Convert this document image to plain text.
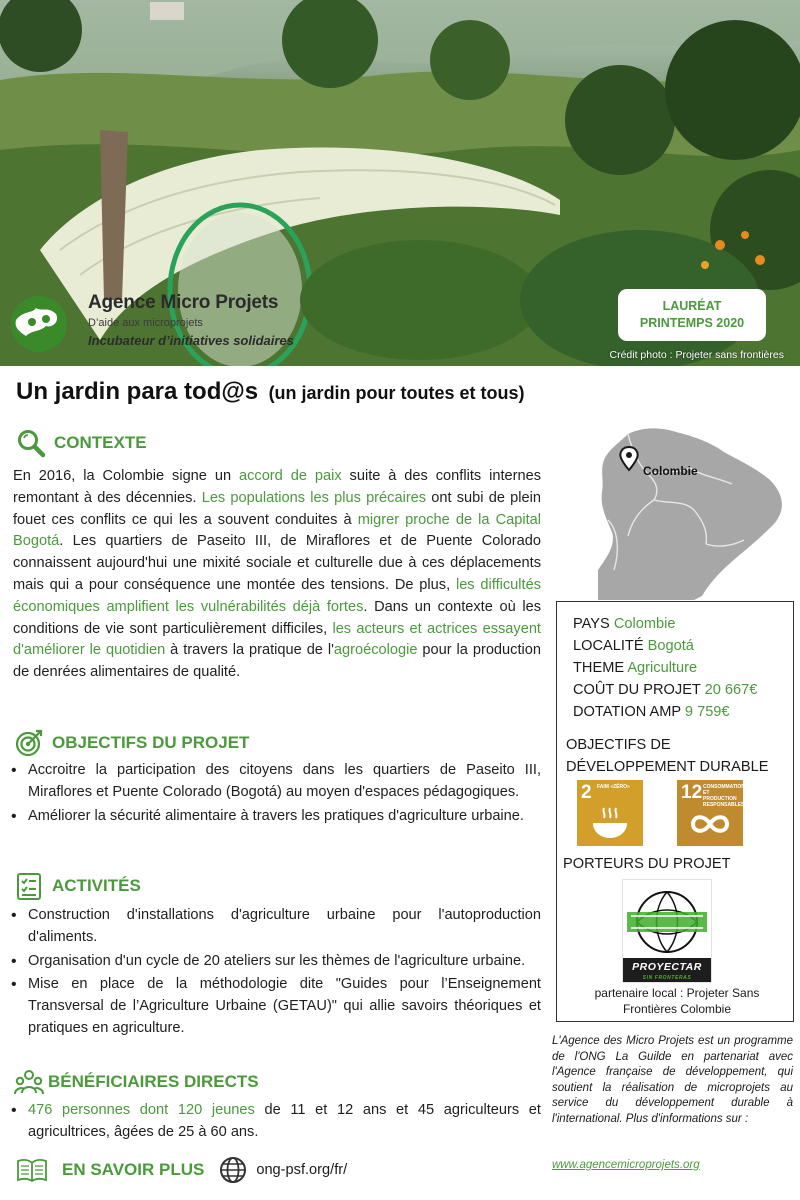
Agence Micro Projets
D’aide aux microprojets
Incubateur d’initiatives solidaires
LAURÉAT
PRINTEMPS 2020
Crédit photo : Projeter sans frontières
Un jardin para tod@s (un jardin pour toutes et tous)
CONTEXTE
En 2016, la Colombie signe un accord de paix suite à des conflits internes remontant à des décennies. Les populations les plus précaires ont subi de plein fouet ces conflits ce qui les a souvent conduites à migrer proche de la Capital Bogotá. Les quartiers de Paseito III, de Miraflores et de Puente Colorado connaissent aujourd'hui une mixité sociale et culturelle due à ces déplacements mais qui a pour conséquence une montée des tensions. De plus, les difficultés économiques amplifient les vulnérabilités déjà fortes. Dans un contexte où les conditions de vie sont particulièrement difficiles, les acteurs et actrices essayent d'améliorer le quotidien à travers la pratique de l'agroécologie pour la production de denrées alimentaires de qualité.
OBJECTIFS DU PROJET
• Accroitre la participation des citoyens dans les quartiers de Paseito III, Miraflores et Puente Colorado (Bogotá) au moyen d'espaces pédagogiques.
• Améliorer la sécurité alimentaire à travers les pratiques d'agriculture urbaine.
ACTIVITÉS
• Construction d'installations d'agriculture urbaine pour l'autoproduction d'aliments.
• Organisation d'un cycle de 20 ateliers sur les thèmes de l'agriculture urbaine.
• Mise en place de la méthodologie dite "Guides pour l’Enseignement Transversal de l’Agriculture Urbaine (GETAU)" qui allie savoirs théoriques et pratiques en agriculture.
BÉNÉFICIAIRES DIRECTS
• 476 personnes dont 120 jeunes de 11 et 12 ans et 45 agriculteurs et agricultrices, âgées de 25 à 60 ans.
EN SAVOIR PLUS	ong-psf.org/fr/
Colombie
PAYS Colombie
LOCALITÉ Bogotá
THEME Agriculture
COÛT DU PROJET 20 667€
DOTATION AMP 9 759€
OBJECTIFS DE
DÉVELOPPEMENT DURABLE
2 FAIM «ZÉRO»	12 CONSOMMATION ET PRODUCTION RESPONSABLES
PORTEURS DU PROJET
PROYECTAR
SIN FRONTERAS
partenaire local : Projeter Sans
Frontières Colombie
L'Agence des Micro Projets est un programme de l'ONG La Guilde en partenariat avec l'Agence française de développement, qui soutient la réalisation de microprojets au service du développement durable à l'international. Plus d'informations sur :
www.agencemicroprojets.org
